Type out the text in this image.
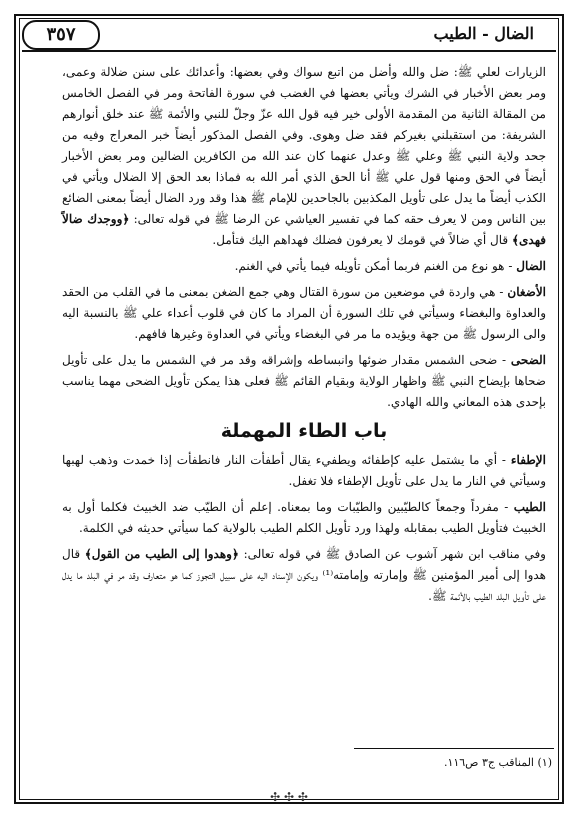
٣٥٧	الضال - الطيب

الزيارات لعلي ﷺ: ضل والله وأضل من اتبع سواك وفي بعضها: وأعدائك على سنن ضلالة وعمى، ومر بعض الأخبار في الشرك ويأتي بعضها في الغضب في سورة الفاتحة ومر في الفصل الخامس من المقالة الثانية من المقدمة الأولى خير فيه قول الله عزّ وجلّ للنبي والأئمة ﷺ عند خلق أنوارهم الشريفة: من استقبلني بغيركم فقد ضل وهوى. وفي الفصل المذكور أيضاً خبر المعراج وفيه من جحد ولاية النبي ﷺ وعلي ﷺ وعدل عنهما كان عند الله من الكافرين الضالين ومر بعض الأخبار أيضاً في الحق ومنها قول علي ﷺ أنا الحق الذي أمر الله به فماذا بعد الحق إلا الضلال ويأتي في الكذب أيضاً ما يدل على تأويل المكذبين بالجاحدين للإمام ﷺ هذا وقد ورد الضال أيضاً بمعنى الضائع بين الناس ومن لا يعرف حقه كما في تفسير العياشي عن الرضا ﷺ في قوله تعالى: ﴿ووجدك ضالاً فهدى﴾ قال أي ضالاً في قومك لا يعرفون فضلك فهداهم اليك فتأمل.

الضال - هو نوع من الغنم فربما أمكن تأويله فيما يأتي في الغنم.

الأضغان - هي واردة في موضعين من سورة القتال وهي جمع الضغن بمعنى ما في القلب من الحقد والعداوة والبغضاء وسيأتي في تلك السورة أن المراد ما كان في قلوب أعداء علي ﷺ بالنسبة اليه والى الرسول ﷺ من جهة ويؤيده ما مر في البغضاء ويأتي في العداوة وغيرها فافهم.

الضحى - ضحى الشمس مقدار ضوئها وانبساطه وإشراقه وقد مر في الشمس ما يدل على تأويل ضحاها بإيضاح النبي ﷺ واظهار الولاية وبقيام القائم ﷺ فعلى هذا يمكن تأويل الضحى مهما يناسب بإحدى هذه المعاني والله الهادي.

باب الطاء المهملة

الإطفاء - أي ما يشتمل عليه كإطفائه ويطفيء يقال أطفأت النار فانطفأت إذا خمدت وذهب لهبها وسيأتي في النار ما يدل على تأويل الإطفاء فلا تغفل.

الطيب - مفرداً وجمعاً كالطيّبين والطيّبات وما بمعناه. إعلم أن الطيّب ضد الخبيث فكلما أول به الخبيث فتأويل الطيب بمقابله ولهذا ورد تأويل الكلم الطيب بالولاية كما سيأتي حديثه في الكلمة.

وفي مناقب ابن شهر آشوب عن الصادق ﷺ في قوله تعالى: ﴿وهدوا إلى الطيب من القول﴾ قال هدوا إلى أمير المؤمنين ﷺ وإمارته وإمامته⁽¹⁾ ويكون الإسناد اليه على سبيل التجوز كما هو متعارف وقد مر في البلد ما يدل على تأويل البلد الطيب بالأئمة ﷺ.

(١) المناقب ج٣ ص١١٦.
✣ ✣ ✣
